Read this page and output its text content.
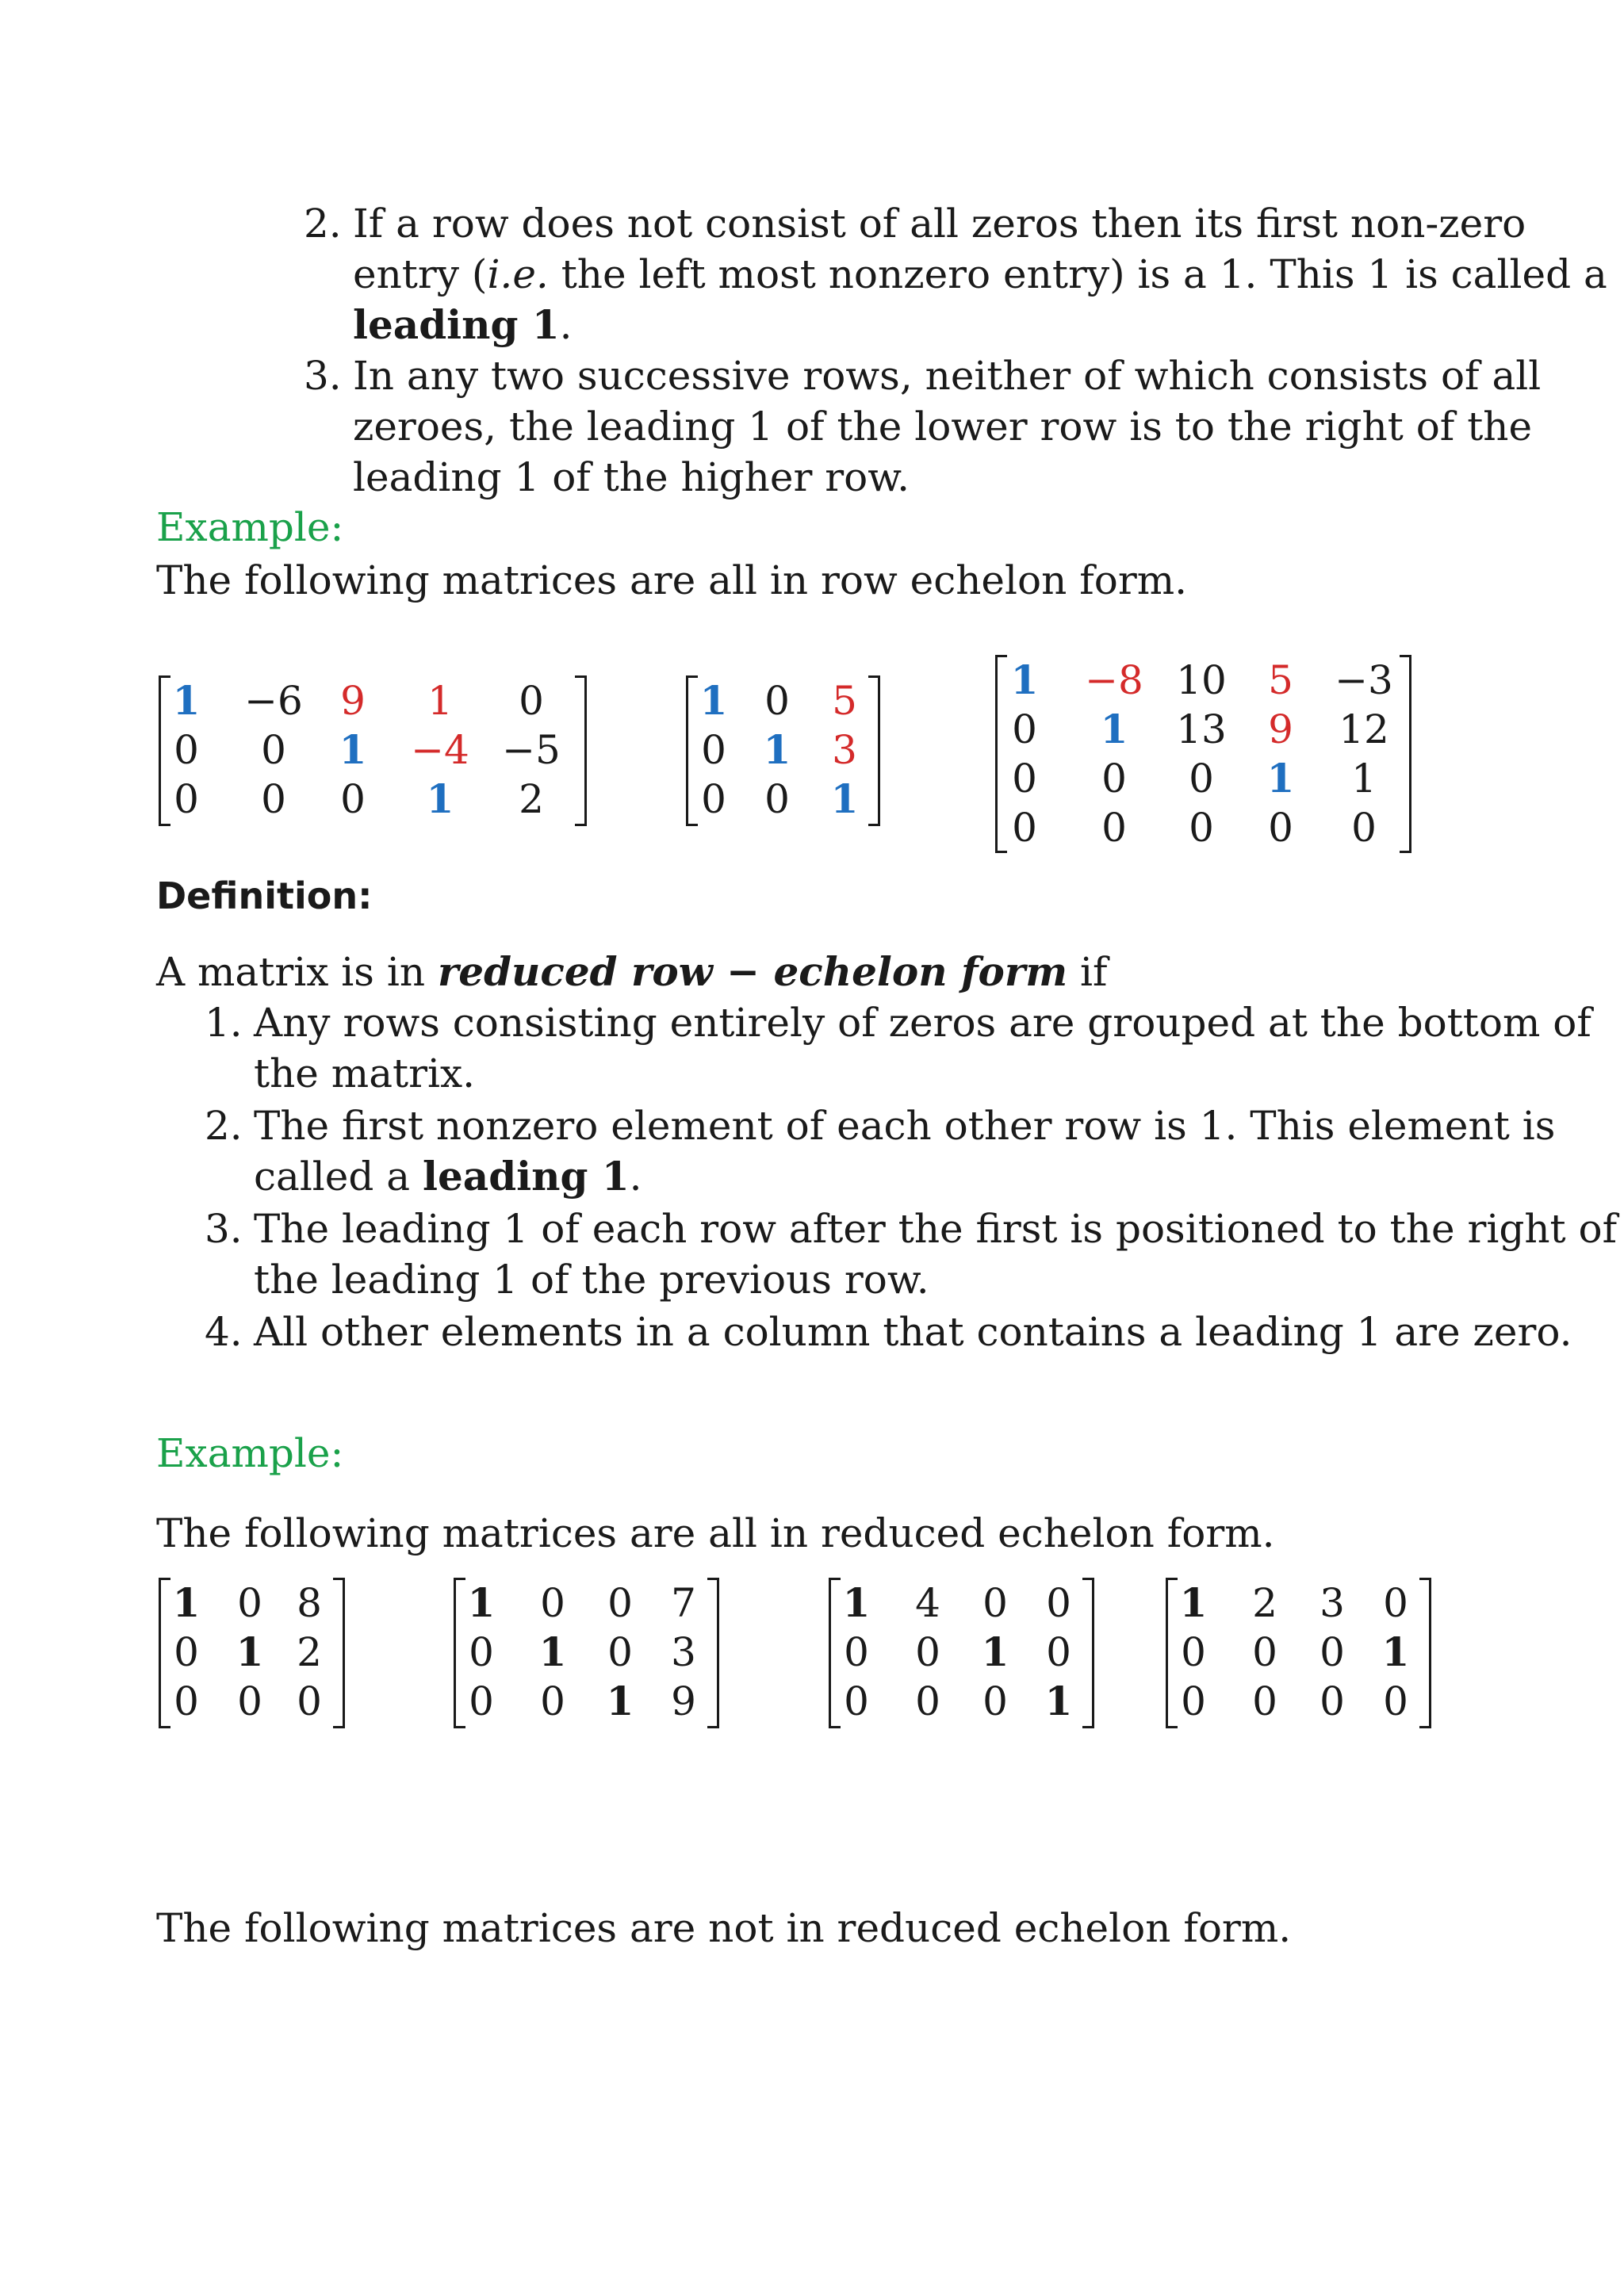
2. If a row does not consist of all zeros then its first non-zero
entry (i.e. the left most nonzero entry) is a 1. This 1 is called a
leading 1.
3. In any two successive rows, neither of which consists of all
zeroes, the leading 1 of the lower row is to the right of the
leading 1 of the higher row.
Example:
The following matrices are all in row echelon form.
1 −6 9	1	0
0	0	1	−4 −5
0	0	0	1	2
1 0 5
0 1 3
0 0 1
1 −8 10	5	−3
0	1	13	9	12
0	0	0	1	1
0	0	0	0	0
Definition:
A matrix is in reduced row − echelon form if
1. Any rows consisting entirely of zeros are grouped at the bottom of
the matrix.
2. The first nonzero element of each other row is 1. This element is
called a leading 1.
3. The leading 1 of each row after the first is positioned to the right of
the leading 1 of the previous row.
4. All other elements in a column that contains a leading 1 are zero.
Example:
The following matrices are all in reduced echelon form.
1 0 8
0 1 2
0 0 0
1 0 0 7
0 1 0 3
0 0 1 9
1 4 0 0
0 0 1 0
0 0 0 1
1 2 3 0
0 0 0 1
0 0 0 0
The following matrices are not in reduced echelon form.
